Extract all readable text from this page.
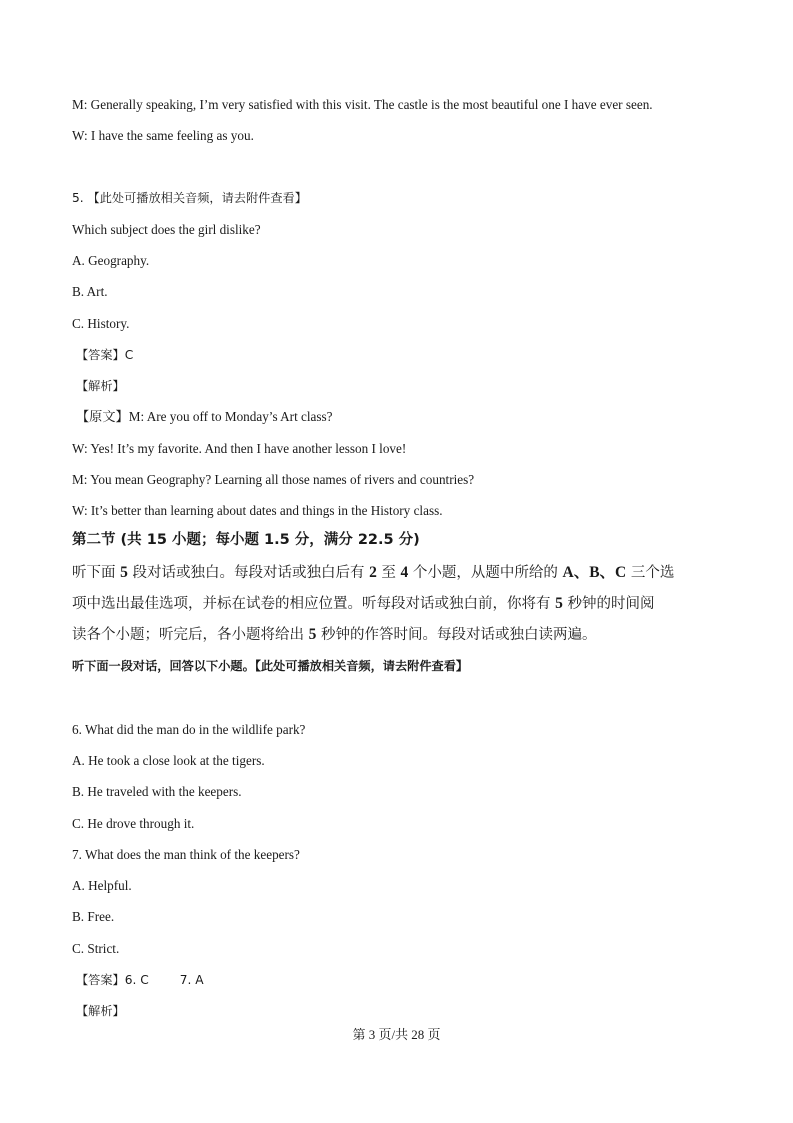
M: Generally speaking, I’m very satisfied with this visit. The castle is the most beautiful one I have ever seen.
W: I have the same feeling as you.
5. 【此处可播放相关音频，请去附件查看】
Which subject does the girl dislike?
A. Geography.
B. Art.
C. History.
【答案】C
【解析】
【原文】M: Are you off to Monday’s Art class?
W: Yes! It’s my favorite. And then I have another lesson I love!
M: You mean Geography? Learning all those names of rivers and countries?
W: It’s better than learning about dates and things in the History class.
第二节 (共 15 小题；每小题 1.5 分，满分 22.5 分)
听下面 5 段对话或独白。每段对话或独白后有 2 至 4 个小题，从题中所给的 A、B、C 三个选
项中选出最佳选项，并标在试卷的相应位置。听每段对话或独白前，你将有 5 秒钟的时间阅
读各个小题；听完后，各小题将给出 5 秒钟的作答时间。每段对话或独白读两遍。
听下面一段对话，回答以下小题。【此处可播放相关音频，请去附件查看】
6. What did the man do in the wildlife park?
A. He took a close look at the tigers.
B. He traveled with the keepers.
C. He drove through it.
7. What does the man think of the keepers?
A. Helpful.
B. Free.
C. Strict.
【答案】6. C        7. A
【解析】
第 3 页/共 28 页
